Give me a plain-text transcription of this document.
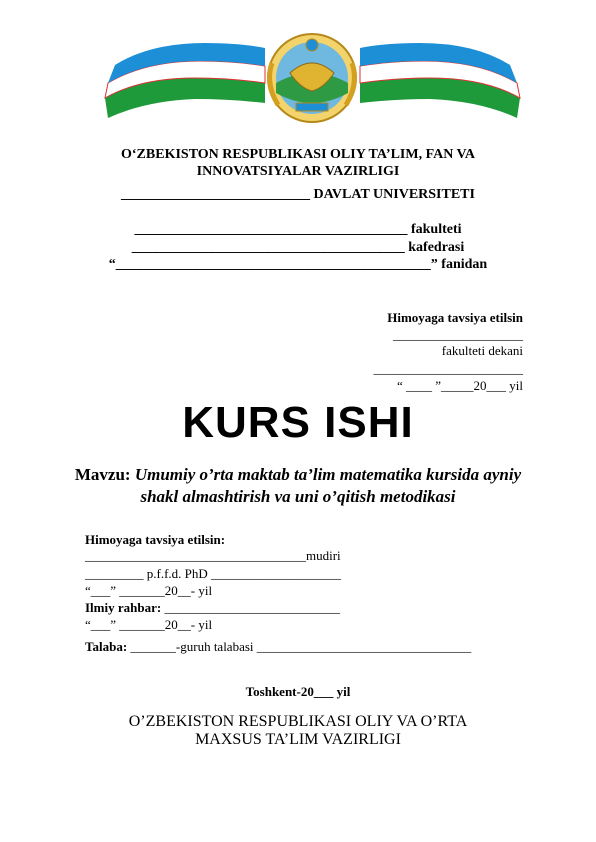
O‘ZBEKISTON RESPUBLIKASI OLIY TA’LIM, FAN VA
INNOVATSIYALAR VAZIRLIGI
___________________________ DAVLAT UNIVERSITETI
_______________________________________ fakulteti
_______________________________________ kafedrasi
“_____________________________________________” fanidan
Himoyaga tavsiya etilsin
____________________
fakulteti dekani
_______________________
“ ____ ”_____20___ yil
KURS ISHI
Mavzu: Umumiy o’rta maktab ta’lim matematika kursida ayniy
shakl almashtirish va uni o’qitish metodikasi
Himoyaga tavsiya etilsin:
__________________________________mudiri
_________ p.f.f.d. PhD ____________________
“___” _______20__- yil
Ilmiy rahbar: ___________________________
“___” _______20__- yil
Talaba: _______-guruh talabasi _________________________________
Toshkent-20___ yil
O’ZBEKISTON RESPUBLIKASI OLIY VA O’RTA
MAXSUS TA’LIM VAZIRLIGI
